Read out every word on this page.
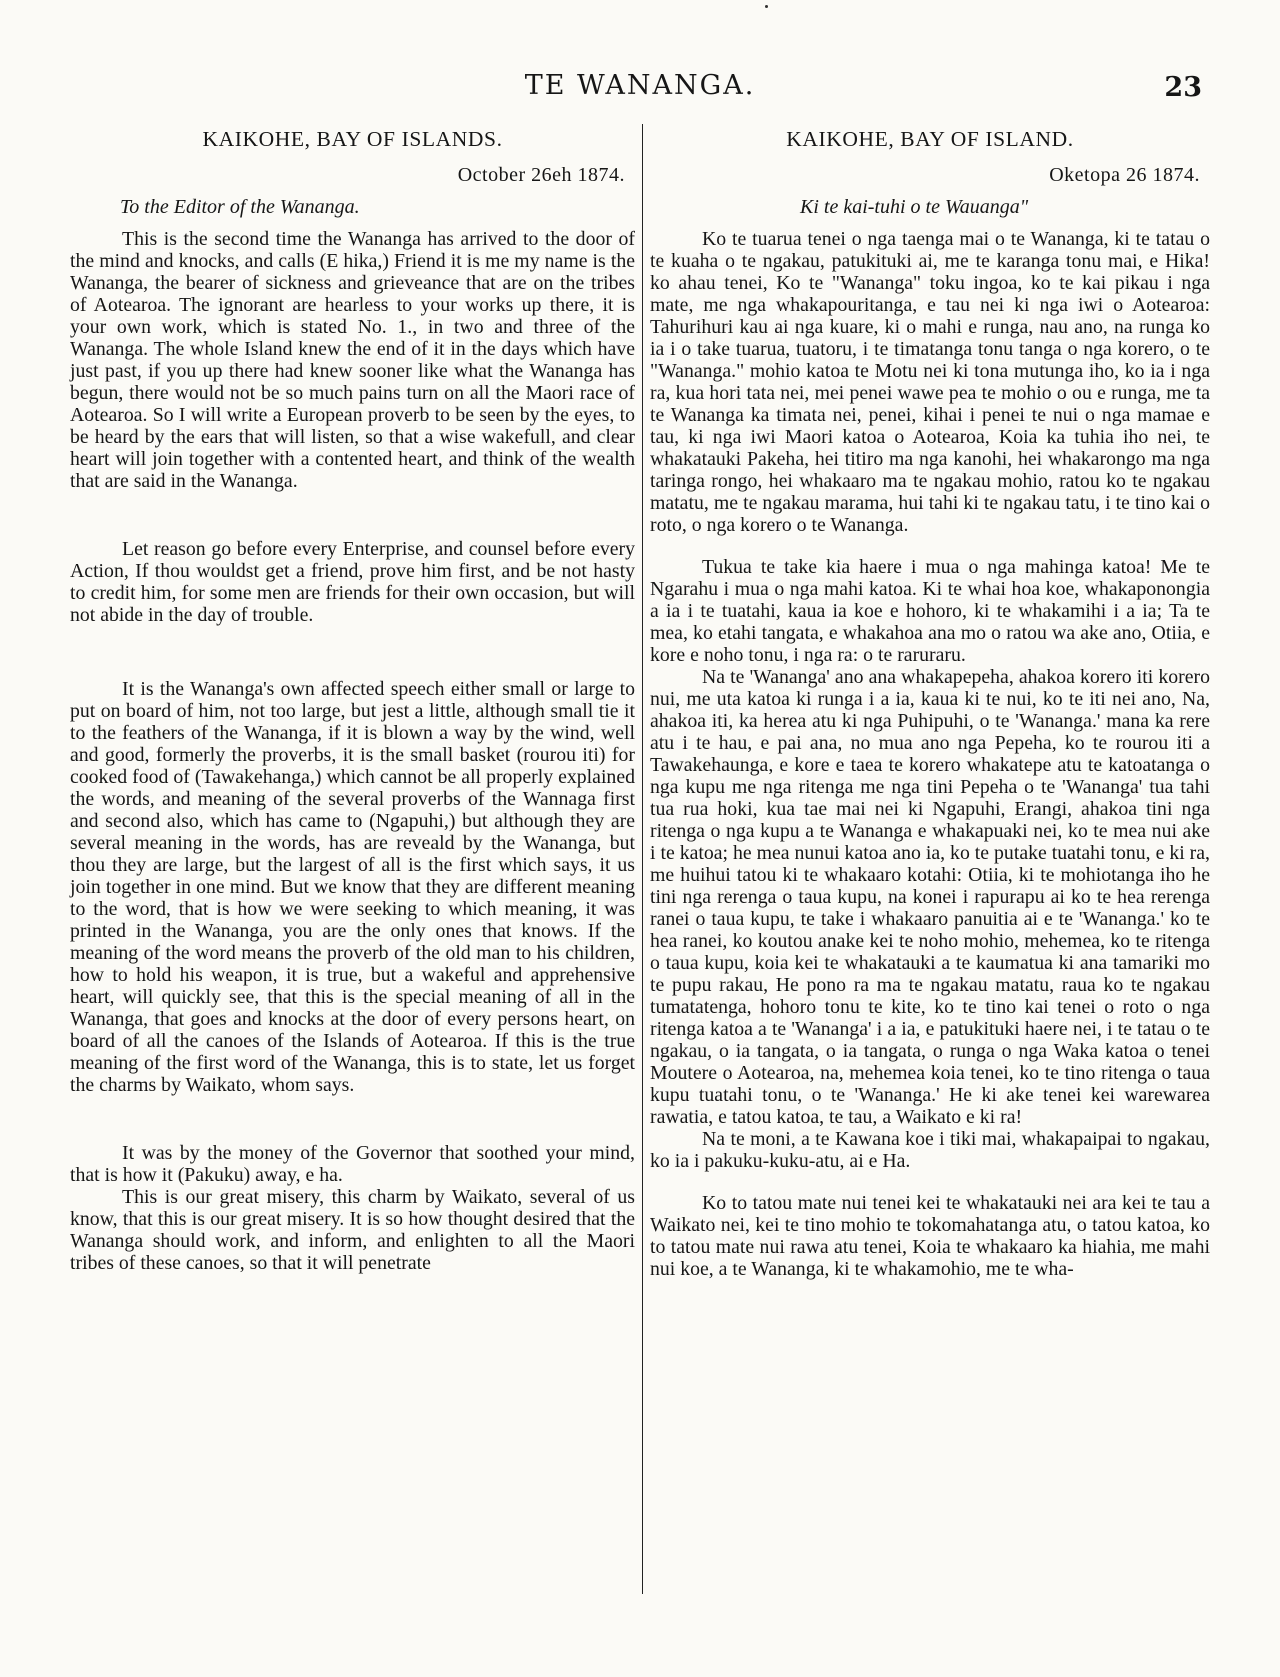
TE WANANGA.	23
KAIKOHE, BAY OF ISLANDS.
October 26eh 1874.
To the Editor of the Wananga.

This is the second time the Wananga has arrived to the door of the mind and knocks, and calls (E hika,) Friend it is me my name is the Wananga, the bearer of sickness and grieveance that are on the tribes of Aotearoa. The ignorant are hearless to your works up there, it is your own work, which is stated No. 1., in two and three of the Wananga. The whole Island knew the end of it in the days which have just past, if you up there had knew sooner like what the Wananga has begun, there would not be so much pains turn on all the Maori race of Aotearoa. So I will write a European proverb to be seen by the eyes, to be heard by the ears that will listen, so that a wise wakefull, and clear heart will join together with a contented heart, and think of the wealth that are said in the Wananga.

Let reason go before every Enterprise, and counsel before every Action, If thou wouldst get a friend, prove him first, and be not hasty to credit him, for some men are friends for their own occasion, but will not abide in the day of trouble.

It is the Wananga's own affected speech either small or large to put on board of him, not too large, but jest a little, although small tie it to the feathers of the Wananga, if it is blown a way by the wind, well and good, formerly the proverbs, it is the small basket (rourou iti) for cooked food of (Tawakehanga,) which cannot be all properly explained the words, and meaning of the several proverbs of the Wannaga first and second also, which has came to (Ngapuhi,) but although they are several meaning in the words, has are reveald by the Wananga, but thou they are large, but the largest of all is the first which says, it us join together in one mind. But we know that they are different meaning to the word, that is how we were seeking to which meaning, it was printed in the Wananga, you are the only ones that knows. If the meaning of the word means the proverb of the old man to his children, how to hold his weapon, it is true, but a wakeful and apprehensive heart, will quickly see, that this is the special meaning of all in the Wananga, that goes and knocks at the door of every persons heart, on board of all the canoes of the Islands of Aotearoa. If this is the true meaning of the first word of the Wananga, this is to state, let us forget the charms by Waikato, whom says.

It was by the money of the Governor that soothed your mind, that is how it (Pakuku) away, e ha.

This is our great misery, this charm by Waikato, several of us know, that this is our great misery. It is so how thought desired that the Wananga should work, and inform, and enlighten to all the Maori tribes of these canoes, so that it will penetrate

KAIKOHE, BAY OF ISLAND.
Oketopa 26 1874.
Ki te kai-tuhi o te Wauanga"

Ko te tuarua tenei o nga taenga mai o te Wananga, ki te tatau o te kuaha o te ngakau, patukituki ai, me te karanga tonu mai, e Hika! ko ahau tenei, Ko te "Wananga" toku ingoa, ko te kai pikau i nga mate, me nga whakapouritanga, e tau nei ki nga iwi o Aotearoa: Tahurihuri kau ai nga kuare, ki o mahi e runga, nau ano, na runga ko ia i o take tuarua, tuatoru, i te timatanga tonu tanga o nga korero, o te "Wananga." mohio katoa te Motu nei ki tona mutunga iho, ko ia i nga ra, kua hori tata nei, mei penei wawe pea te mohio o ou e runga, me ta te Wananga ka timata nei, penei, kihai i penei te nui o nga mamae e tau, ki nga iwi Maori katoa o Aotearoa, Koia ka tuhia iho nei, te whakatauki Pakeha, hei titiro ma nga kanohi, hei whakarongo ma nga taringa rongo, hei whakaaro ma te ngakau mohio, ratou ko te ngakau matatu, me te ngakau marama, hui tahi ki te ngakau tatu, i te tino kai o roto, o nga korero o te Wananga.

Tukua te take kia haere i mua o nga mahinga katoa! Me te Ngarahu i mua o nga mahi katoa. Ki te whai hoa koe, whakaponongia a ia i te tuatahi, kaua ia koe e hohoro, ki te whakamihi i a ia; Ta te mea, ko etahi tangata, e whakahoa ana mo o ratou wa ake ano, Otiia, e kore e noho tonu, i nga ra: o te raruraru.

Na te 'Wananga' ano ana whakapepeha, ahakoa korero iti korero nui, me uta katoa ki runga i a ia, kaua ki te nui, ko te iti nei ano, Na, ahakoa iti, ka herea atu ki nga Puhipuhi, o te 'Wananga.' mana ka rere atu i te hau, e pai ana, no mua ano nga Pepeha, ko te rourou iti a Tawakehaunga, e kore e taea te korero whakatepe atu te katoatanga o nga kupu me nga ritenga me nga tini Pepeha o te 'Wananga' tua tahi tua rua hoki, kua tae mai nei ki Ngapuhi, Erangi, ahakoa tini nga ritenga o nga kupu a te Wananga e whakapuaki nei, ko te mea nui ake i te katoa; he mea nunui katoa ano ia, ko te putake tuatahi tonu, e ki ra, me huihui tatou ki te whakaaro kotahi: Otiia, ki te mohiotanga iho he tini nga rerenga o taua kupu, na konei i rapurapu ai ko te hea rerenga ranei o taua kupu, te take i whakaaro panuitia ai e te 'Wananga.' ko te hea ranei, ko koutou anake kei te noho mohio, mehemea, ko te ritenga o taua kupu, koia kei te whakatauki a te kaumatua ki ana tamariki mo te pupu rakau, He pono ra ma te ngakau matatu, raua ko te ngakau tumatatenga, hohoro tonu te kite, ko te tino kai tenei o roto o nga ritenga katoa a te 'Wananga' i a ia, e patukituki haere nei, i te tatau o te ngakau, o ia tangata, o ia tangata, o runga o nga Waka katoa o tenei Moutere o Aotearoa, na, mehemea koia tenei, ko te tino ritenga o taua kupu tuatahi tonu, o te 'Wananga.' He ki ake tenei kei warewarea rawatia, e tatou katoa, te tau, a Waikato e ki ra!

Na te moni, a te Kawana koe i tiki mai, whakapaipai to ngakau, ko ia i pakuku-kuku-atu, ai e Ha.

Ko to tatou mate nui tenei kei te whakatauki nei ara kei te tau a Waikato nei, kei te tino mohio te tokomahatanga atu, o tatou katoa, ko to tatou mate nui rawa atu tenei, Koia te whakaaro ka hiahia, me mahi nui koe, a te Wananga, ki te whakamohio, me te wha-
